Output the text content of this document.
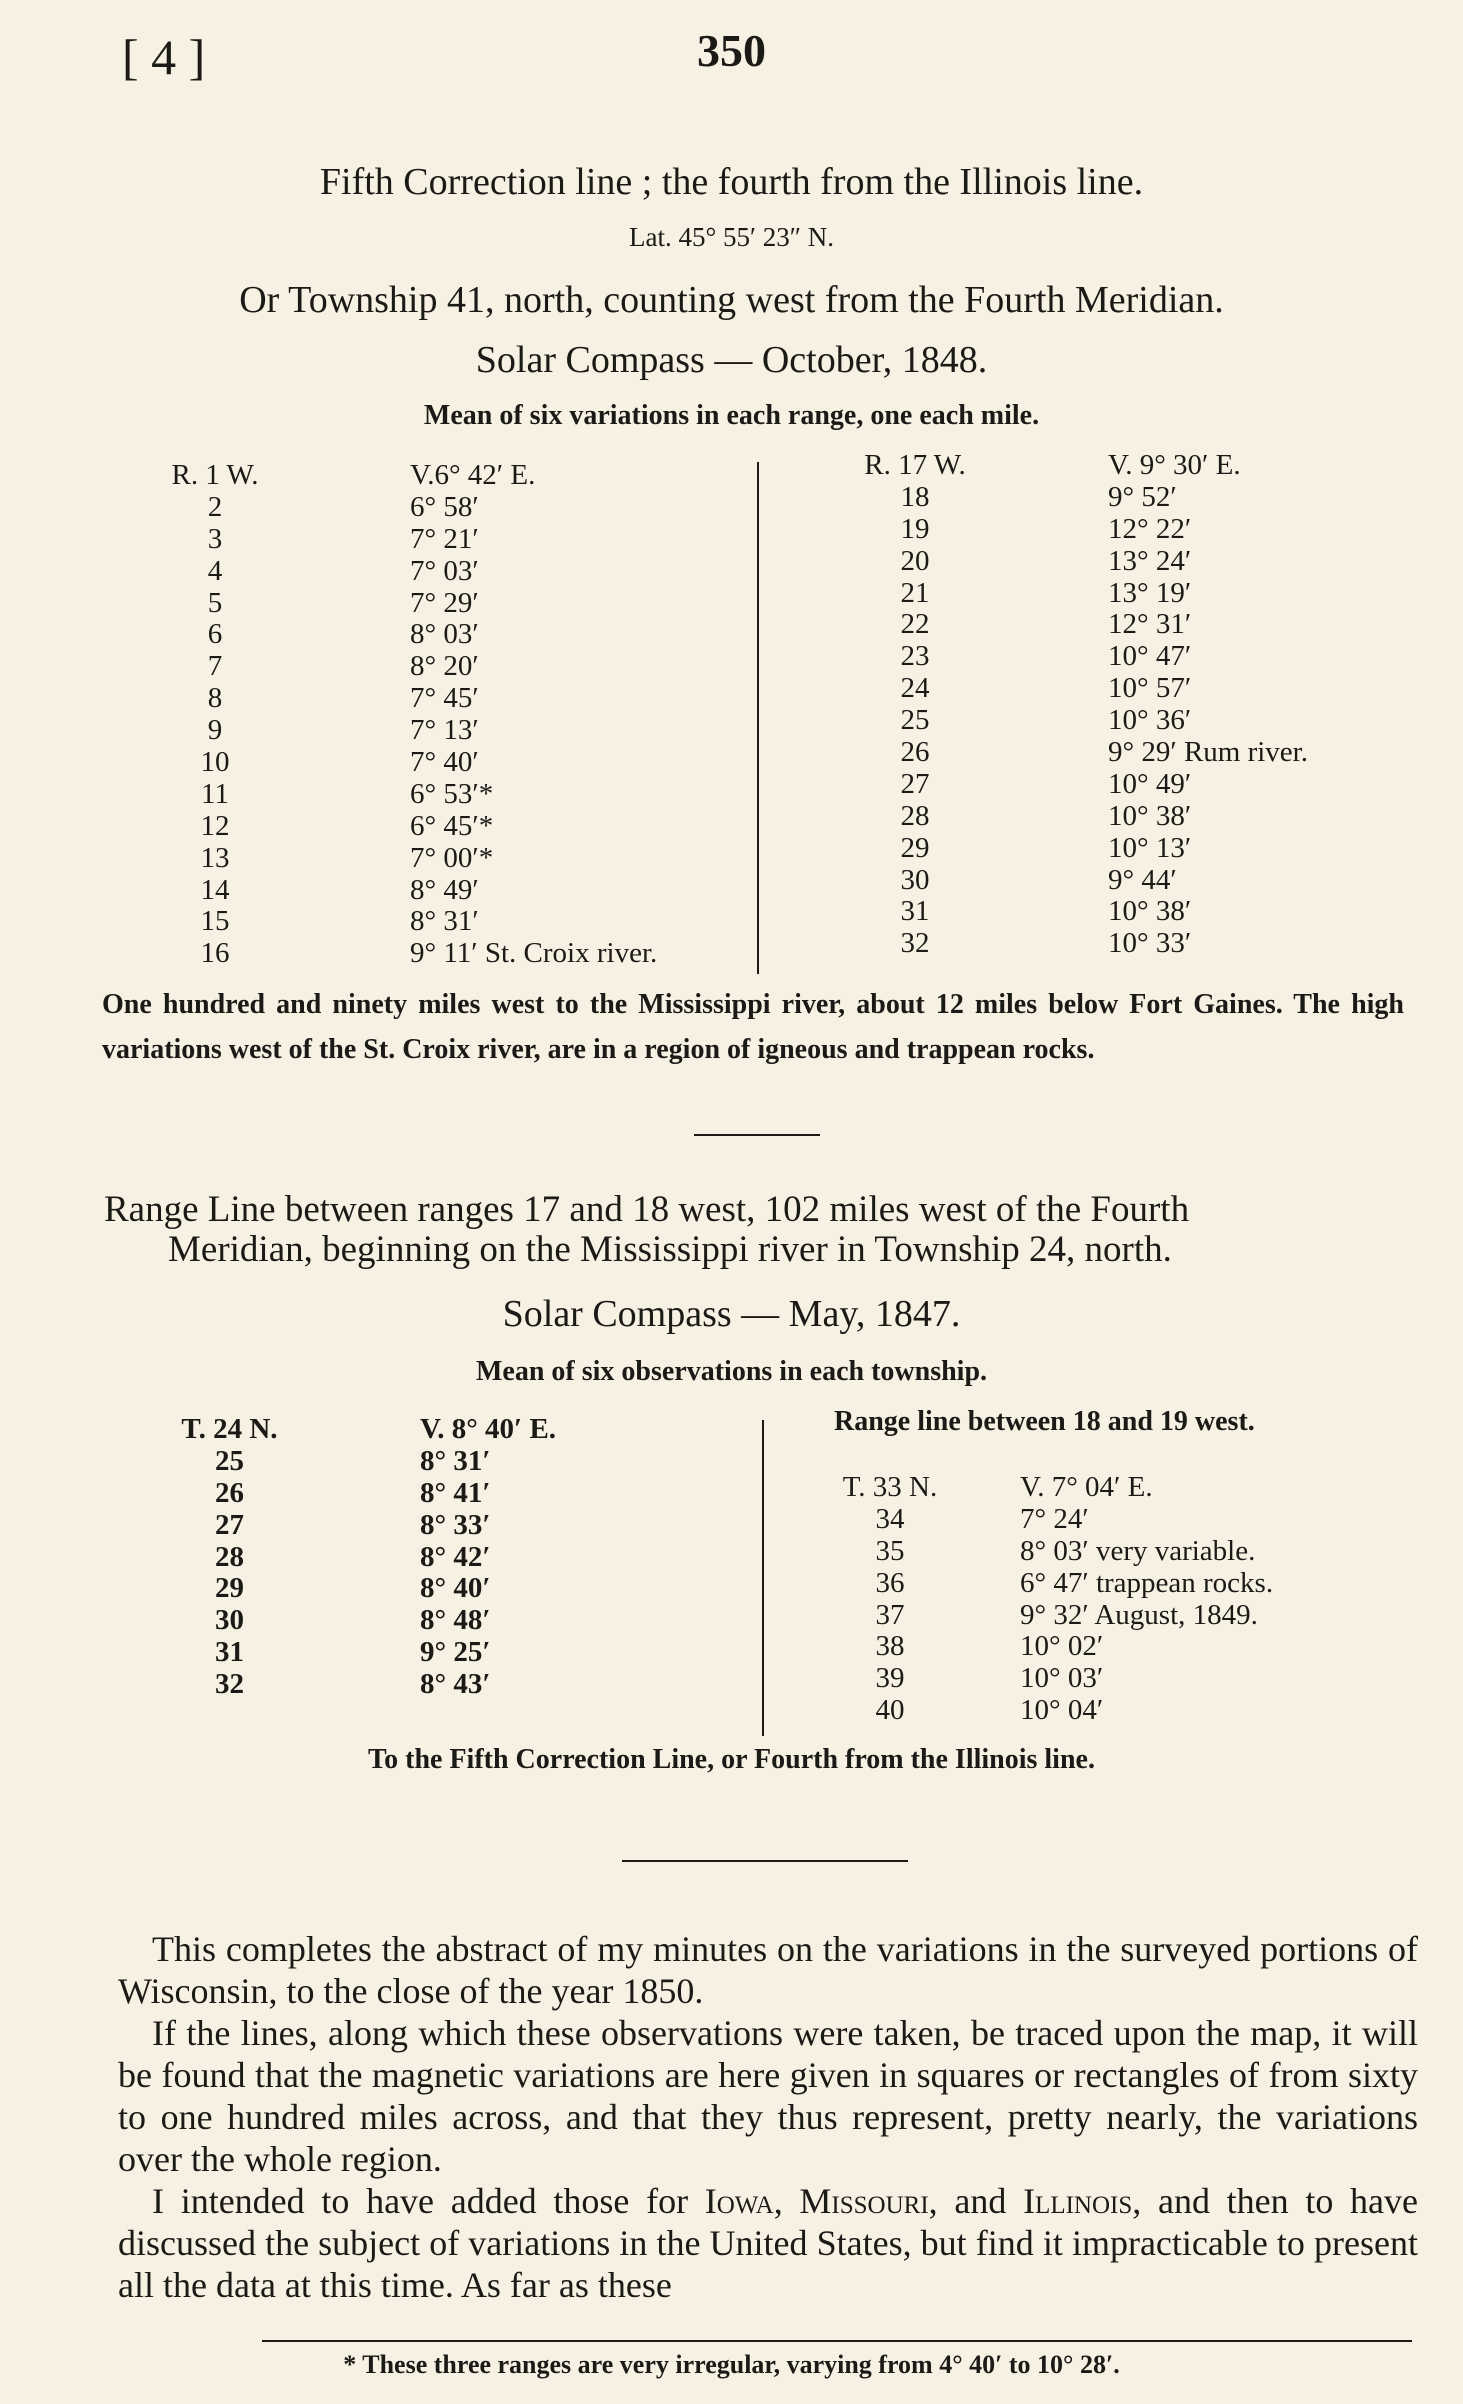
[ 4 ]	350
Fifth Correction line ; the fourth from the Illinois line.
Lat. 45° 55′ 23″ N.
Or Township 41, north, counting west from the Fourth Meridian.
Solar Compass — October, 1848.
Mean of six variations in each range, one each mile.
R. 1 W.
2
3
4
5
6
7
8
9
10
11
12
13
14
15
16
V.6° 42′ E.
6° 58′
7° 21′
7° 03′
7° 29′
8° 03′
8° 20′
7° 45′
7° 13′
7° 40′
6° 53′*
6° 45′*
7° 00′*
8° 49′
8° 31′
9° 11′ St. Croix river.
R. 17 W.
18
19
20
21
22
23
24
25
26
27
28
29
30
31
32
V. 9° 30′ E.
9° 52′
12° 22′
13° 24′
13° 19′
12° 31′
10° 47′
10° 57′
10° 36′
9° 29′ Rum river.
10° 49′
10° 38′
10° 13′
9° 44′
10° 38′
10° 33′
One hundred and ninety miles west to the Mississippi river, about 12 miles below Fort Gaines. The high variations west of the St. Croix river, are in a region of igneous and trappean rocks.
Range Line between ranges 17 and 18 west, 102 miles west of the Fourth
Meridian, beginning on the Mississippi river in Township 24, north.
Solar Compass — May, 1847.
Mean of six observations in each township.
T. 24 N.
25
26
27
28
29
30
31
32
V. 8° 40′ E.
8° 31′
8° 41′
8° 33′
8° 42′
8° 40′
8° 48′
9° 25′
8° 43′
Range line between 18 and 19 west.
T. 33 N.
34
35
36
37
38
39
40
V. 7° 04′ E.
7° 24′
8° 03′ very variable.
6° 47′ trappean rocks.
9° 32′ August, 1849.
10° 02′
10° 03′
10° 04′
To the Fifth Correction Line, or Fourth from the Illinois line.
This completes the abstract of my minutes on the variations in the surveyed portions of Wisconsin, to the close of the year 1850.
If the lines, along which these observations were taken, be traced upon the map, it will be found that the magnetic variations are here given in squares or rectangles of from sixty to one hundred miles across, and that they thus represent, pretty nearly, the variations over the whole region.
I intended to have added those for Iowa, Missouri, and Illinois, and then to have discussed the subject of variations in the United States, but find it impracticable to present all the data at this time. As far as these
* These three ranges are very irregular, varying from 4° 40′ to 10° 28′.
